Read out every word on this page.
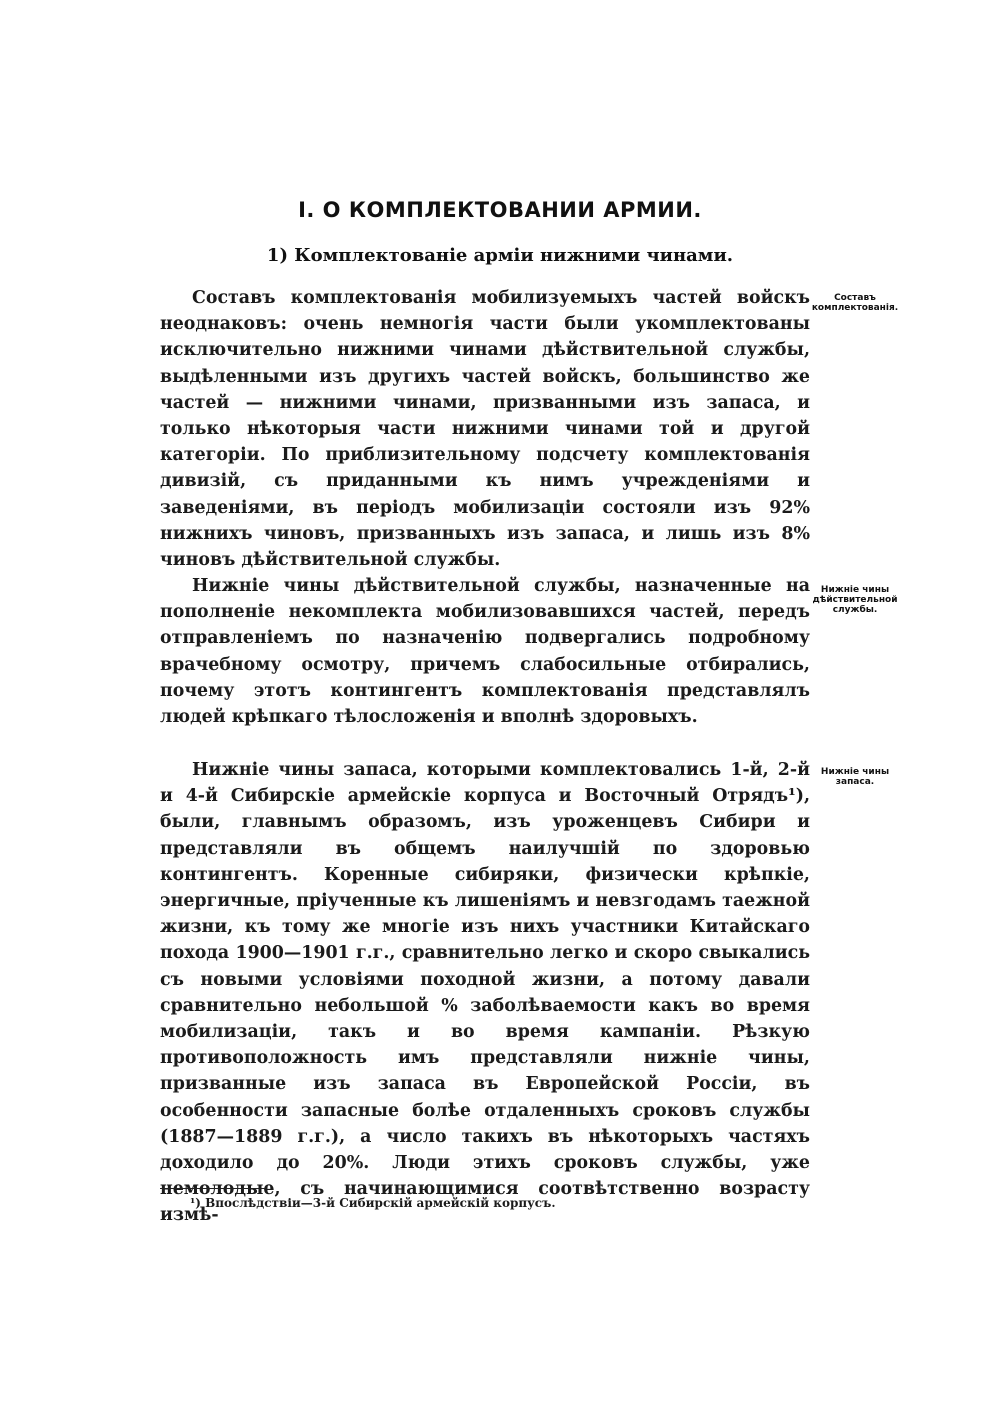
I. О КОМПЛЕКТОВАНИИ АРМИИ.
1) Комплектованіе арміи нижними чинами.

Составъ комплектованія мобилизуемыхъ частей войскъ неоднаковъ: очень немногія части были укомплектованы исключительно нижними чинами дѣйствительной службы, выдѣленными изъ другихъ частей войскъ, большинство же частей — нижними чинами, призванными изъ запаса, и только нѣкоторыя части нижними чинами той и другой категоріи. По приблизительному подсчету комплектованія дивизій, съ приданными къ нимъ учрежденіями и заведеніями, въ періодъ мобилизаціи состояли изъ 92% нижнихъ чиновъ, призванныхъ изъ запаса, и лишь изъ 8% чиновъ дѣйствительной службы.

Составъ комплектованія.

Нижніе чины дѣйствительной службы, назначенные на пополненіе некомплекта мобилизовавшихся частей, передъ отправленіемъ по назначенію подвергались подробному врачебному осмотру, причемъ слабосильные отбирались, почему этотъ контингентъ комплектованія представлялъ людей крѣпкаго тѣлосложенія и вполнѣ здоровыхъ.

Нижніе чины дѣйствительной службы.

Нижніе чины запаса, которыми комплектовались 1-й, 2-й и 4-й Сибирскіе армейскіе корпуса и Восточный Отрядъ¹), были, главнымъ образомъ, изъ уроженцевъ Сибири и представляли въ общемъ наилучшій по здоровью контингентъ. Коренные сибиряки, физически крѣпкіе, энергичные, пріученные къ лишеніямъ и невзгодамъ таежной жизни, къ тому же многіе изъ нихъ участники Китайскаго похода 1900—1901 г.г., сравнительно легко и скоро свыкались съ новыми условіями походной жизни, а потому давали сравнительно небольшой % заболѣваемости какъ во время мобилизаціи, такъ и во время кампаніи. Рѣзкую противоположность имъ представляли нижніе чины, призванные изъ запаса въ Европейской Россіи, въ особенности запасные болѣе отдаленныхъ сроковъ службы (1887—1889 г.г.), а число такихъ въ нѣкоторыхъ частяхъ доходило до 20%. Люди этихъ сроковъ службы, уже немолодые, съ начинающимися соотвѣтственно возрасту измѣ-

Нижніе чины запаса.
¹) Впослѣдствіи—3-й Сибирскій армейскій корпусъ.
